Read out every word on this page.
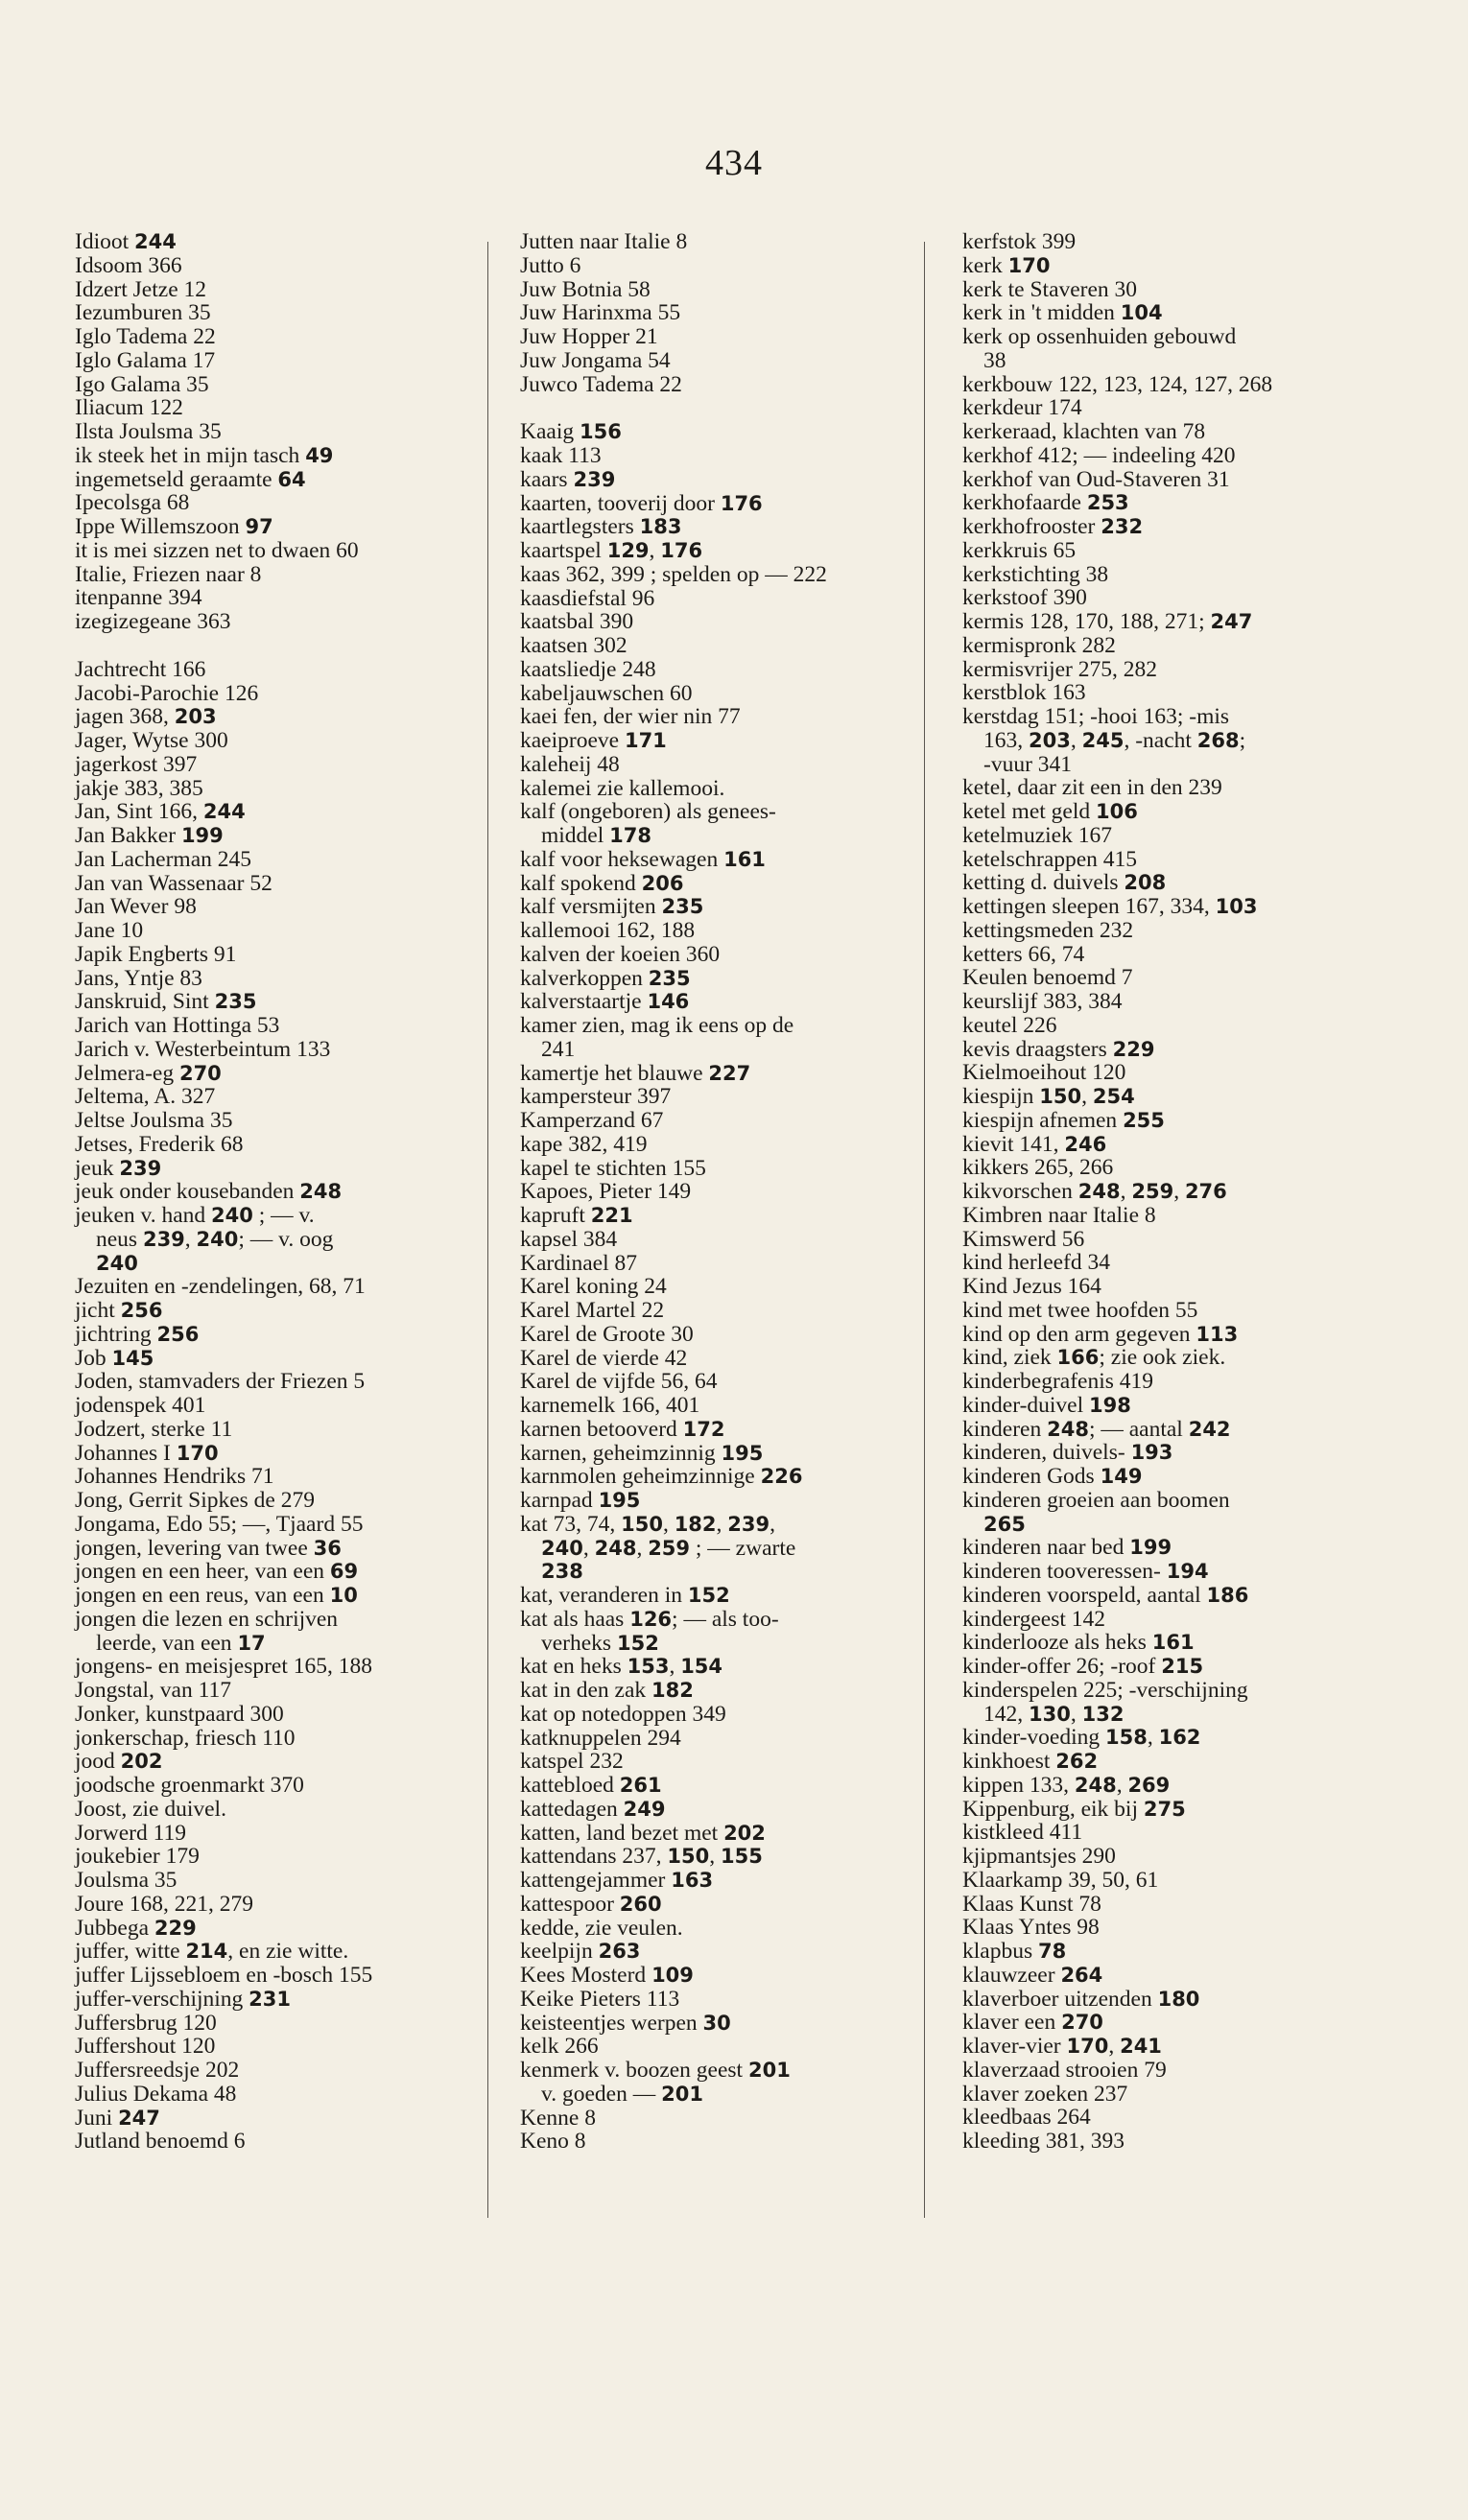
434
Idioot 244
Idsoom 366
Idzert Jetze 12
Iezumburen 35
Iglo Tadema 22
Iglo Galama 17
Igo Galama 35
Iliacum 122
Ilsta Joulsma 35
ik steek het in mijn tasch 49
ingemetseld geraamte 64
Ipecolsga 68
Ippe Willemszoon 97
it is mei sizzen net to dwaen 60
Italie, Friezen naar 8
itenpanne 394
izegizegeane 363
Jachtrecht 166
Jacobi-Parochie 126
jagen 368, 203
Jager, Wytse 300
jagerkost 397
jakje 383, 385
Jan, Sint 166, 244
Jan Bakker 199
Jan Lacherman 245
Jan van Wassenaar 52
Jan Wever 98
Jane 10
Japik Engberts 91
Jans, Yntje 83
Janskruid, Sint 235
Jarich van Hottinga 53
Jarich v. Westerbeintum 133
Jelmera-eg 270
Jeltema, A. 327
Jeltse Joulsma 35
Jetses, Frederik 68
jeuk 239
jeuk onder kousebanden 248
jeuken v. hand 240 ; — v.
neus 239, 240; — v. oog
240
Jezuiten en -zendelingen, 68, 71
jicht 256
jichtring 256
Job 145
Joden, stamvaders der Friezen 5
jodenspek 401
Jodzert, sterke 11
Johannes I 170
Johannes Hendriks 71
Jong, Gerrit Sipkes de 279
Jongama, Edo 55; —, Tjaard 55
jongen, levering van twee 36
jongen en een heer, van een 69
jongen en een reus, van een 10
jongen die lezen en schrijven
leerde, van een 17
jongens- en meisjespret 165, 188
Jongstal, van 117
Jonker, kunstpaard 300
jonkerschap, friesch 110
jood 202
joodsche groenmarkt 370
Joost, zie duivel.
Jorwerd 119
joukebier 179
Joulsma 35
Joure 168, 221, 279
Jubbega 229
juffer, witte 214, en zie witte.
juffer Lijssebloem en -bosch 155
juffer-verschijning 231
Juffersbrug 120
Juffershout 120
Juffersreedsje 202
Julius Dekama 48
Juni 247
Jutland benoemd 6
Jutten naar Italie 8
Jutto 6
Juw Botnia 58
Juw Harinxma 55
Juw Hopper 21
Juw Jongama 54
Juwco Tadema 22
Kaaig 156
kaak 113
kaars 239
kaarten, tooverij door 176
kaartlegsters 183
kaartspel 129, 176
kaas 362, 399 ; spelden op — 222
kaasdiefstal 96
kaatsbal 390
kaatsen 302
kaatsliedje 248
kabeljauwschen 60
kaei fen, der wier nin 77
kaeiproeve 171
kaleheij 48
kalemei zie kallemooi.
kalf (ongeboren) als genees-
middel 178
kalf voor heksewagen 161
kalf spokend 206
kalf versmijten 235
kallemooi 162, 188
kalven der koeien 360
kalverkoppen 235
kalverstaartje 146
kamer zien, mag ik eens op de
241
kamertje het blauwe 227
kampersteur 397
Kamperzand 67
kape 382, 419
kapel te stichten 155
Kapoes, Pieter 149
kapruft 221
kapsel 384
Kardinael 87
Karel koning 24
Karel Martel 22
Karel de Groote 30
Karel de vierde 42
Karel de vijfde 56, 64
karnemelk 166, 401
karnen betooverd 172
karnen, geheimzinnig 195
karnmolen geheimzinnige 226
karnpad 195
kat 73, 74, 150, 182, 239,
240, 248, 259 ; — zwarte
238
kat, veranderen in 152
kat als haas 126; — als too-
verheks 152
kat en heks 153, 154
kat in den zak 182
kat op notedoppen 349
katknuppelen 294
katspel 232
kattebloed 261
kattedagen 249
katten, land bezet met 202
kattendans 237, 150, 155
kattengejammer 163
kattespoor 260
kedde, zie veulen.
keelpijn 263
Kees Mosterd 109
Keike Pieters 113
keisteentjes werpen 30
kelk 266
kenmerk v. boozen geest 201
v. goeden — 201
Kenne 8
Keno 8
kerfstok 399
kerk 170
kerk te Staveren 30
kerk in 't midden 104
kerk op ossenhuiden gebouwd
38
kerkbouw 122, 123, 124, 127, 268
kerkdeur 174
kerkeraad, klachten van 78
kerkhof 412; — indeeling 420
kerkhof van Oud-Staveren 31
kerkhofaarde 253
kerkhofrooster 232
kerkkruis 65
kerkstichting 38
kerkstoof 390
kermis 128, 170, 188, 271; 247
kermispronk 282
kermisvrijer 275, 282
kerstblok 163
kerstdag 151; -hooi 163; -mis
163, 203, 245, -nacht 268;
-vuur 341
ketel, daar zit een in den 239
ketel met geld 106
ketelmuziek 167
ketelschrappen 415
ketting d. duivels 208
kettingen sleepen 167, 334, 103
kettingsmeden 232
ketters 66, 74
Keulen benoemd 7
keurslijf 383, 384
keutel 226
kevis draagsters 229
Kielmoeihout 120
kiespijn 150, 254
kiespijn afnemen 255
kievit 141, 246
kikkers 265, 266
kikvorschen 248, 259, 276
Kimbren naar Italie 8
Kimswerd 56
kind herleefd 34
Kind Jezus 164
kind met twee hoofden 55
kind op den arm gegeven 113
kind, ziek 166; zie ook ziek.
kinderbegrafenis 419
kinder-duivel 198
kinderen 248; — aantal 242
kinderen, duivels- 193
kinderen Gods 149
kinderen groeien aan boomen
265
kinderen naar bed 199
kinderen tooveressen- 194
kinderen voorspeld, aantal 186
kindergeest 142
kinderlooze als heks 161
kinder-offer 26; -roof 215
kinderspelen 225; -verschijning
142, 130, 132
kinder-voeding 158, 162
kinkhoest 262
kippen 133, 248, 269
Kippenburg, eik bij 275
kistkleed 411
kjipmantsjes 290
Klaarkamp 39, 50, 61
Klaas Kunst 78
Klaas Yntes 98
klapbus 78
klauwzeer 264
klaverboer uitzenden 180
klaver een 270
klaver-vier 170, 241
klaverzaad strooien 79
klaver zoeken 237
kleedbaas 264
kleeding 381, 393
